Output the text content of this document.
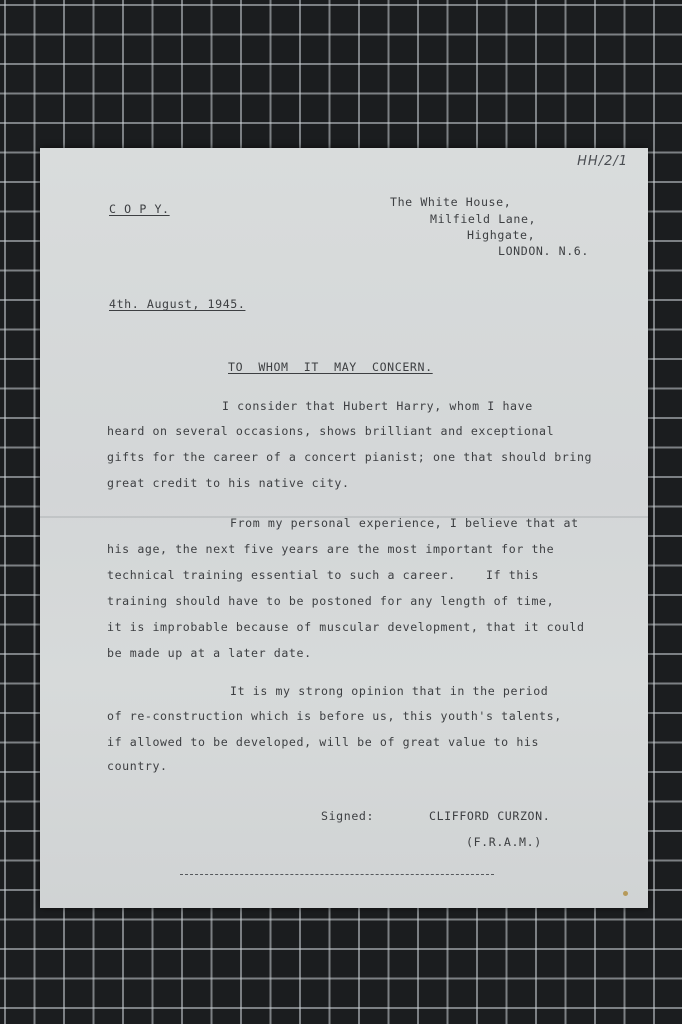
HH/2/1
C O P Y.	The White House,
Milfield Lane,
Highgate,
LONDON. N.6.
4th. August, 1945.
TO  WHOM  IT  MAY  CONCERN.
I consider that Hubert Harry, whom I have
heard on several occasions, shows brilliant and exceptional
gifts for the career of a concert pianist; one that should bring
great credit to his native city.
From my personal experience, I believe that at
his age, the next five years are the most important for the
technical training essential to such a career.    If this
training should have to be postoned for any length of time,
it is improbable because of muscular development, that it could
be made up at a later date.
It is my strong opinion that in the period
of re-construction which is before us, this youth's talents,
if allowed to be developed, will be of great value to his
country.
Signed:	CLIFFORD CURZON.
(F.R.A.M.)
